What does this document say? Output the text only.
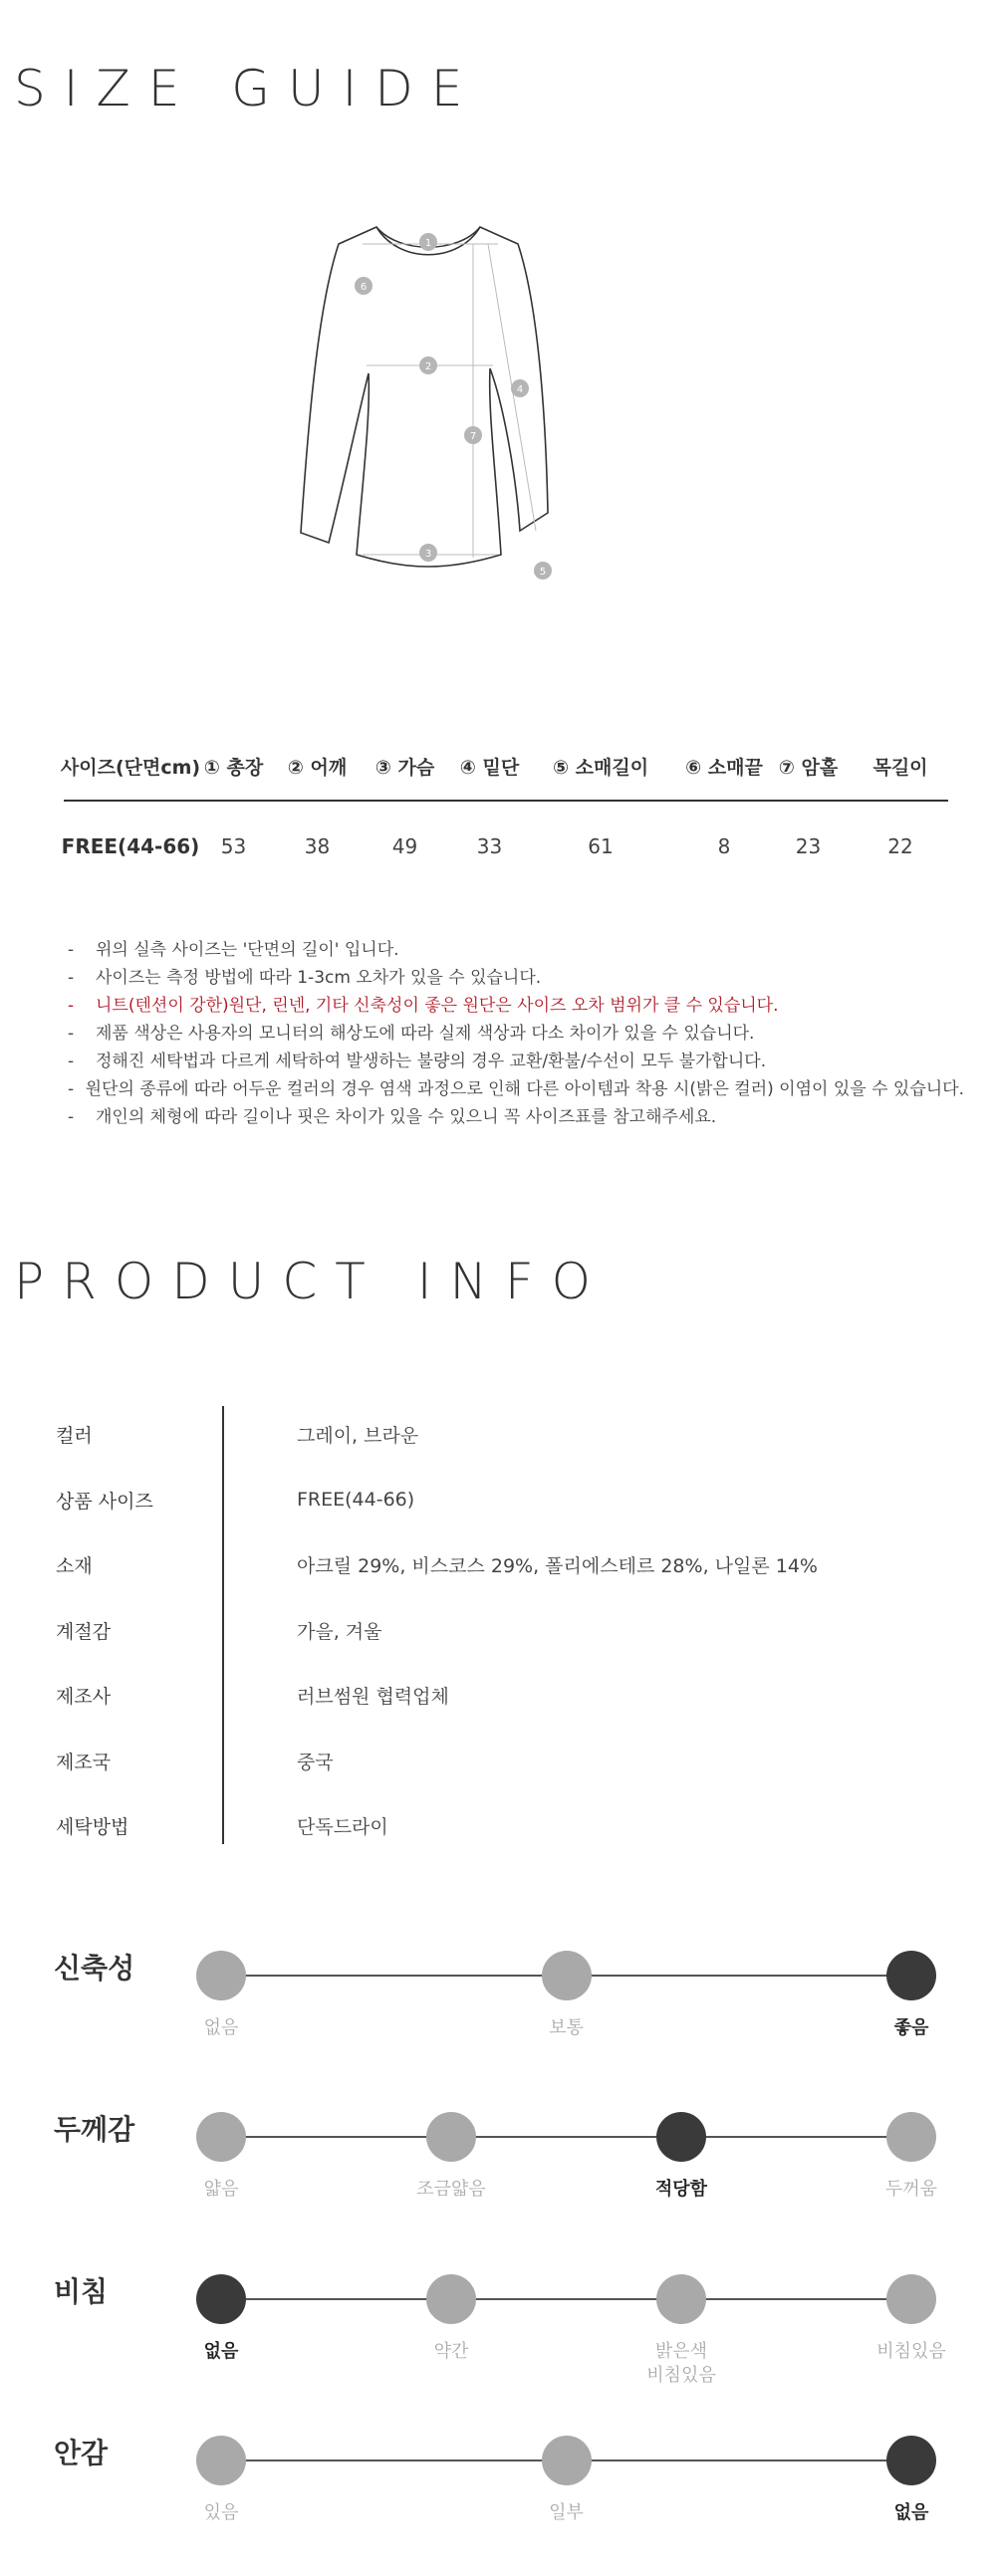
SIZE GUIDE
1
2
3
4
5
6
7
사이즈(단면cm) ① 총장	② 어깨	③ 가슴	④ 밑단	⑤ 소매길이	⑥ 소매끝 ⑦ 암홀	목길이
FREE(44-66)	53	38	49	33	61	8	23	22
-	위의 실측 사이즈는 '단면의 길이' 입니다.
-	사이즈는 측정 방법에 따라 1-3cm 오차가 있을 수 있습니다.
-	니트(텐션이 강한)원단, 린넨, 기타 신축성이 좋은 원단은 사이즈 오차 범위가 클 수 있습니다.
-	제품 색상은 사용자의 모니터의 해상도에 따라 실제 색상과 다소 차이가 있을 수 있습니다.
-	정해진 세탁법과 다르게 세탁하여 발생하는 불량의 경우 교환/환불/수선이 모두 불가합니다.
- 원단의 종류에 따라 어두운 컬러의 경우 염색 과정으로 인해 다른 아이템과 착용 시(밝은 컬러) 이염이 있을 수 있습니다.
-	개인의 체형에 따라 길이나 핏은 차이가 있을 수 있으니 꼭 사이즈표를 참고해주세요.
PRODUCT INFO
컬러	그레이, 브라운
상품 사이즈	FREE(44-66)
소재	아크릴 29%, 비스코스 29%, 폴리에스테르 28%, 나일론 14%
계절감	가을, 겨울
제조사	러브썸원 협력업체
제조국	중국
세탁방법	단독드라이
신축성
없음	보통	좋음
두께감
얇음	조금얇음	적당함	두꺼움
비침
없음	약간	밝은색
비침있음
비침있음
안감
있음	일부	없음
